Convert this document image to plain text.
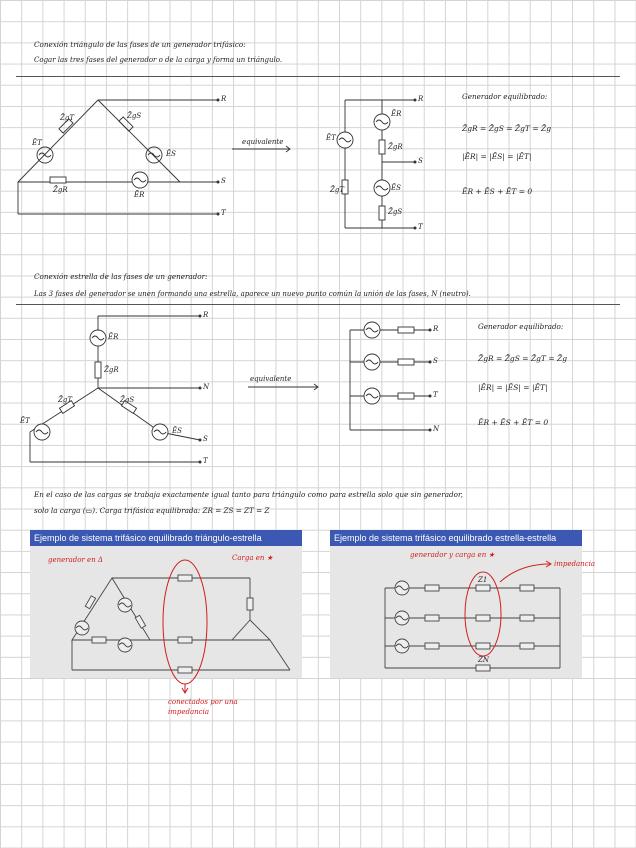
Conexión triángulo de las fases de un generador trifásico:
Cogar las tres fases del generador o de la carga y forma un triángulo.
R
S
T
ĒT
ĒS
Z̄gT	Z̄gS
Z̄gR
ĒR
equivalente	ĒT
ĒR
Z̄gR
ĒS
Z̄gT
Z̄gS
R
S
T
Generador equilibrado:
Z̄gR = Z̄gS = Z̄gT = Z̄g
|ĒR| = |ĒS| = |ĒT|
ĒR + ĒS + ĒT = 0
Conexión estrella de las fases de un generador:
Las 3 fases del generador se unen formando una estrella, aparece un nuevo punto común la unión de las fases, N (neutro).
R
N
S
T
ĒR
Z̄gR
Z̄gT	Z̄gS
ĒT
ĒS
equivalente
R
S
T
N
Generador equilibrado:
Z̄gR = Z̄gS = Z̄gT = Z̄g
|ĒR| = |ĒS| = |ĒT|
ĒR + ĒS + ĒT = 0
En el caso de las cargas se trabaja exactamente igual tanto para triángulo como para estrella solo que sin generador,
solo la carga (▭). Carga trifásica equilibrada: ZR = ZS = ZT = Z
Ejemplo de sistema trifásico equilibrado triángulo-estrella
generador en Δ	Carga en ★
conectados por una impedancia
Ejemplo de sistema trifásico equilibrado estrella-estrella
generador y carga en ★
impedancia
Z1
ZN
